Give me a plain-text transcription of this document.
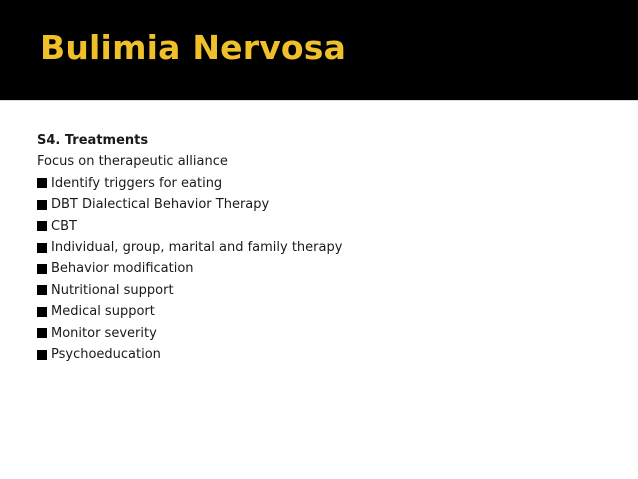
Bulimia Nervosa
S4. Treatments
Focus on therapeutic alliance
Identify triggers for eating
DBT Dialectical Behavior Therapy
CBT
Individual, group, marital and family therapy
Behavior modification
Nutritional support
Medical support
Monitor severity
Psychoeducation
